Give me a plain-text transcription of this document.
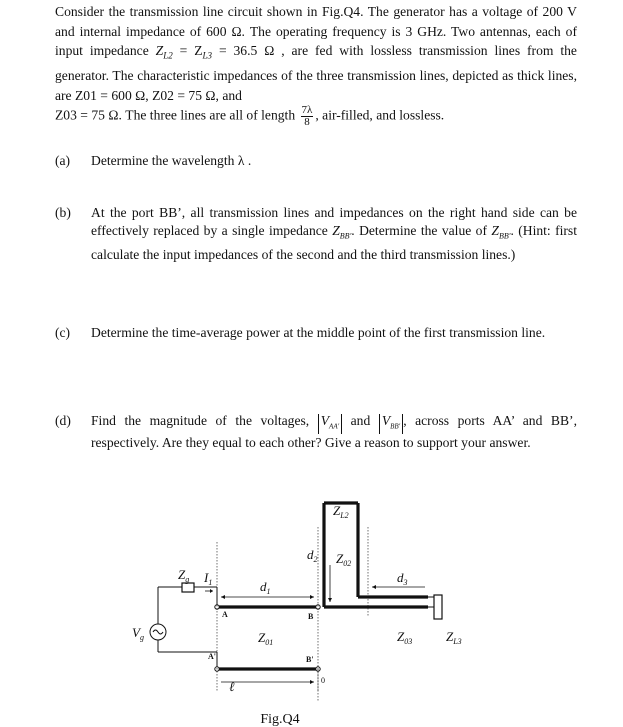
Consider the transmission line circuit shown in Fig.Q4. The generator has a voltage of 200 V and internal impedance of 600 Ω. The operating frequency is 3 GHz. Two antennas, each of input impedance $Z_{L2} = Z_{L3} = 36.5$ Ω , are fed with lossless transmission lines from the generator. The characteristic impedances of the three transmission lines, depicted as thick lines, are Z01 = 600 Ω, Z02 = 75 Ω, and
Z03 = 75 Ω. The three lines are all of length $\frac{7\lambda}{8}$ , air-filled, and lossless.
(a) Determine the wavelength λ .
(b) At the port BB’, all transmission lines and impedances on the right hand side can be effectively replaced by a single impedance $Z_{BB'}$. Determine the value of $Z_{BB'}$. (Hint: first calculate the input impedances of the second and the third transmission lines.)
(c) Determine the time-average power at the middle point of the first transmission line.
(d) Find the magnitude of the voltages, $V_{AA'}$ and $V_{BB'}$ , across ports AA’ and BB’, respectively. Are they equal to each other? Give a reason to support your answer.
$Z_g$
$V_g$
$I_1$	$d_1$
$d_2$
$d_3$
$Z_{01}$
$Z_{02}$
$Z_{03}$
$Z_{L2}$
$Z_{L3}$
A
A'
B
B'
ℓ	0
Fig.Q4
